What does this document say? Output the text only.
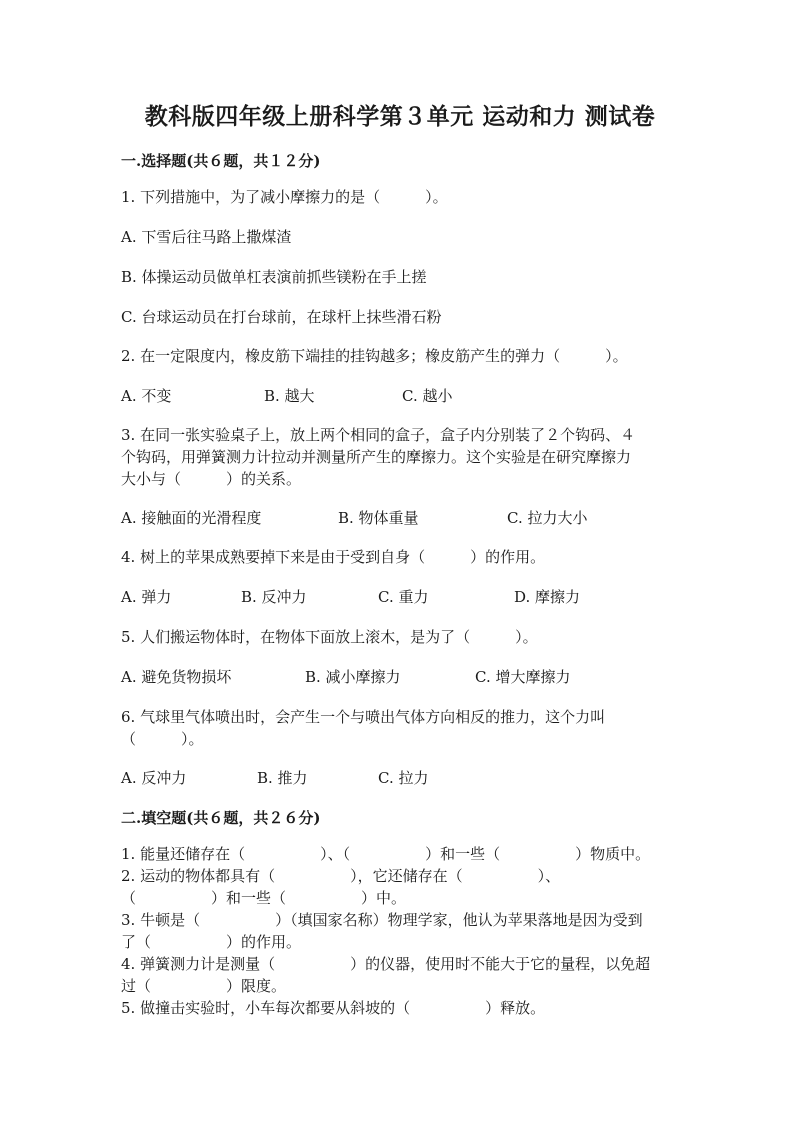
教科版四年级上册科学第３单元 运动和力 测试卷
一.选择题(共６题，共１２分)
1. 下列措施中，为了减小摩擦力的是（　　　）。
A. 下雪后往马路上撒煤渣
B. 体操运动员做单杠表演前抓些镁粉在手上搓
C. 台球运动员在打台球前，在球杆上抹些滑石粉
2. 在一定限度内，橡皮筋下端挂的挂钩越多；橡皮筋产生的弹力（　　　）。
A. 不变	B. 越大	C. 越小
3. 在同一张实验桌子上，放上两个相同的盒子，盒子内分别装了２个钩码、４
个钩码，用弹簧测力计拉动并测量所产生的摩擦力。这个实验是在研究摩擦力
大小与（　　　）的关系。
A. 接触面的光滑程度	B. 物体重量	C. 拉力大小
4. 树上的苹果成熟要掉下来是由于受到自身（　　　）的作用。
A. 弹力	B. 反冲力	C. 重力	D. 摩擦力
5. 人们搬运物体时，在物体下面放上滚木，是为了（　　　）。
A. 避免货物损坏	B. 减小摩擦力	C. 增大摩擦力
6. 气球里气体喷出时，会产生一个与喷出气体方向相反的推力，这个力叫
（　　　）。
A. 反冲力	B. 推力	C. 拉力
二.填空题(共６题，共２６分)
1. 能量还储存在（　　　　　）、（　　　　　）和一些（　　　　　）物质中。
2. 运动的物体都具有（　　　　　），它还储存在（　　　　　）、
（　　　　　）和一些（　　　　　）中。
3. 牛顿是（　　　　　）（填国家名称）物理学家，他认为苹果落地是因为受到
了（　　　　　）的作用。
4. 弹簧测力计是测量（　　　　　）的仪器，使用时不能大于它的量程，以免超
过（　　　　　）限度。
5. 做撞击实验时，小车每次都要从斜坡的（　　　　　）释放。
